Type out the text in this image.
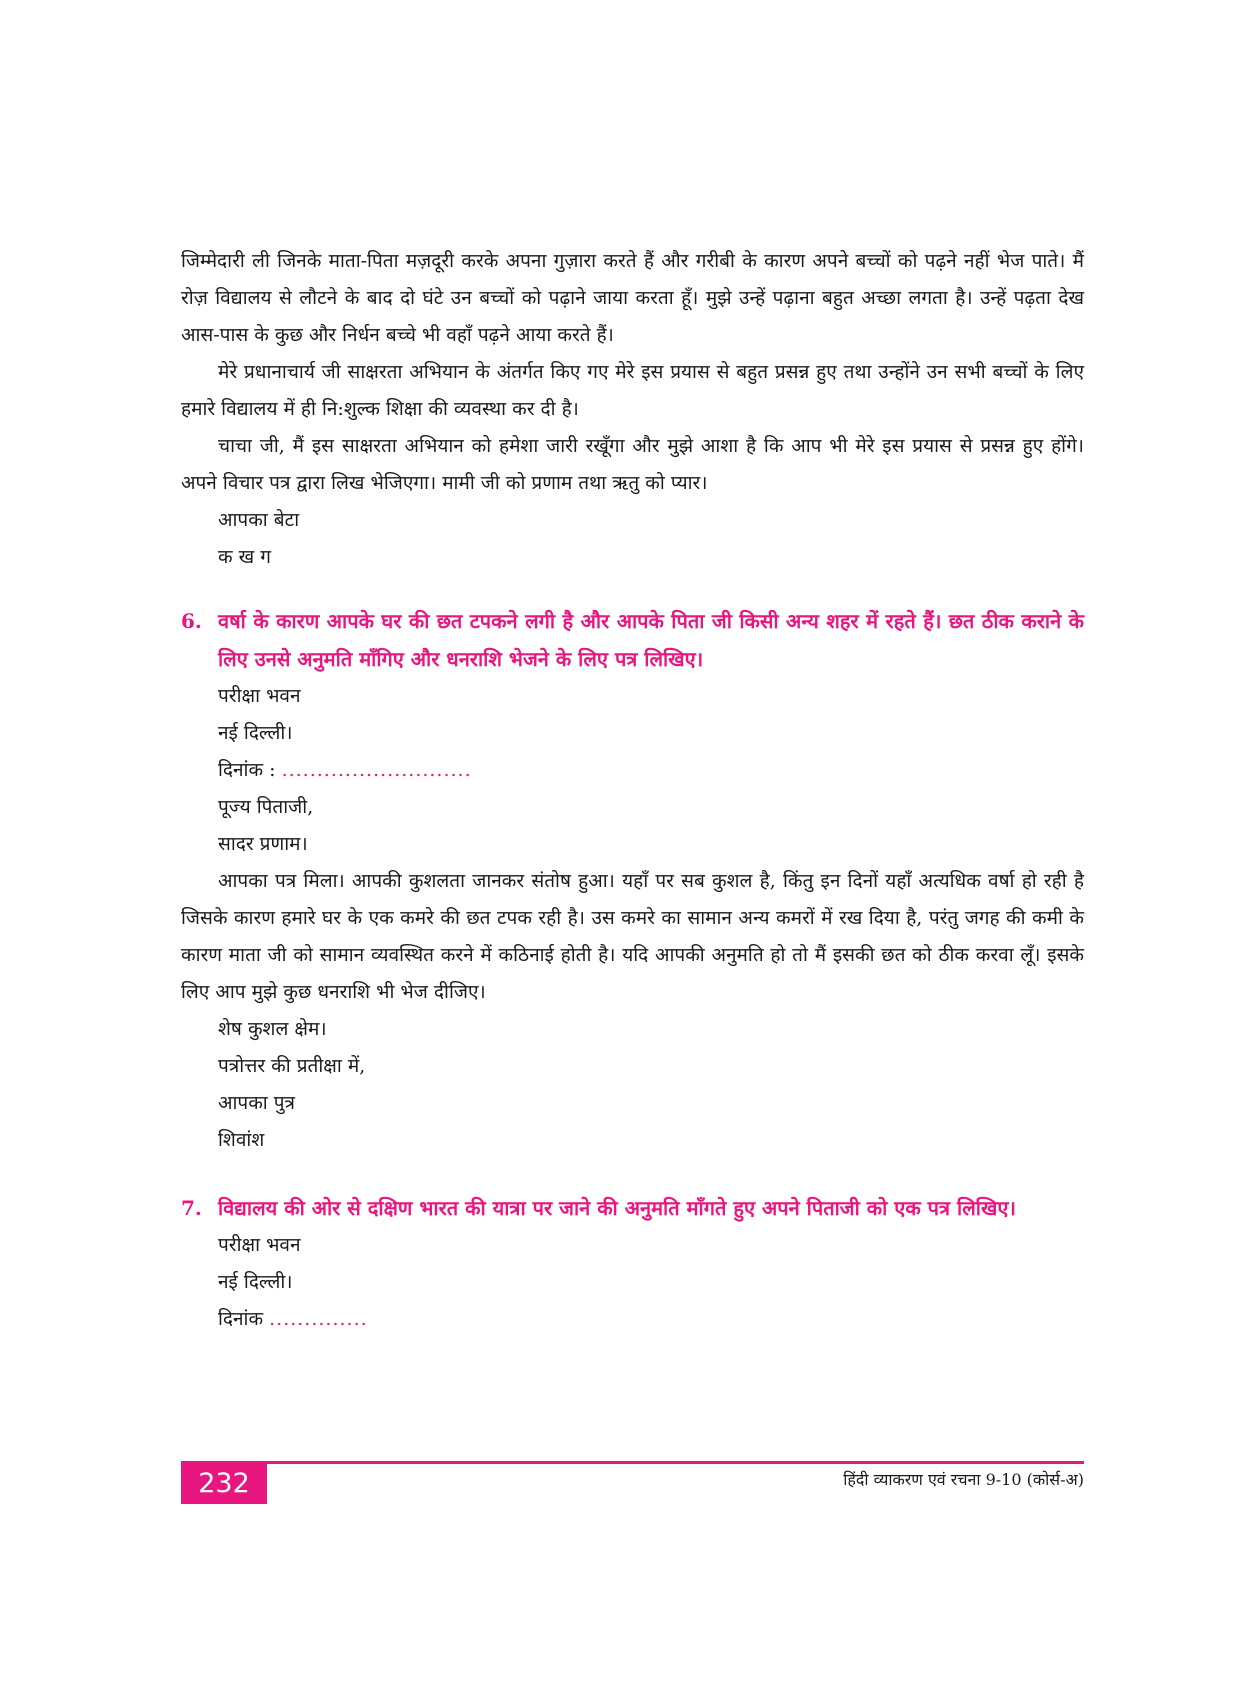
जिम्मेदारी ली जिनके माता-पिता मज़दूरी करके अपना गुज़ारा करते हैं और गरीबी के कारण अपने बच्चों को पढ़ने नहीं भेज पाते। मैं रोज़ विद्यालय से लौटने के बाद दो घंटे उन बच्चों को पढ़ाने जाया करता हूँ। मुझे उन्हें पढ़ाना बहुत अच्छा लगता है। उन्हें पढ़ता देख आस-पास के कुछ और निर्धन बच्चे भी वहाँ पढ़ने आया करते हैं।

मेरे प्रधानाचार्य जी साक्षरता अभियान के अंतर्गत किए गए मेरे इस प्रयास से बहुत प्रसन्न हुए तथा उन्होंने उन सभी बच्चों के लिए हमारे विद्यालय में ही नि:शुल्क शिक्षा की व्यवस्था कर दी है।

चाचा जी, मैं इस साक्षरता अभियान को हमेशा जारी रखूँगा और मुझे आशा है कि आप भी मेरे इस प्रयास से प्रसन्न हुए होंगे। अपने विचार पत्र द्वारा लिख भेजिएगा। मामी जी को प्रणाम तथा ऋतु को प्यार।

आपका बेटा

क ख ग

6. वर्षा के कारण आपके घर की छत टपकने लगी है और आपके पिता जी किसी अन्य शहर में रहते हैं। छत ठीक कराने के लिए उनसे अनुमति माँगिए और धनराशि भेजने के लिए पत्र लिखिए।

परीक्षा भवन

नई दिल्ली।

दिनांक : ...........................

पूज्य पिताजी,

सादर प्रणाम।

आपका पत्र मिला। आपकी कुशलता जानकर संतोष हुआ। यहाँ पर सब कुशल है, किंतु इन दिनों यहाँ अत्यधिक वर्षा हो रही है जिसके कारण हमारे घर के एक कमरे की छत टपक रही है। उस कमरे का सामान अन्य कमरों में रख दिया है, परंतु जगह की कमी के कारण माता जी को सामान व्यवस्थित करने में कठिनाई होती है। यदि आपकी अनुमति हो तो मैं इसकी छत को ठीक करवा लूँ। इसके लिए आप मुझे कुछ धनराशि भी भेज दीजिए।

शेष कुशल क्षेम।

पत्रोत्तर की प्रतीक्षा में,

आपका पुत्र

शिवांश

7. विद्यालय की ओर से दक्षिण भारत की यात्रा पर जाने की अनुमति माँगते हुए अपने पिताजी को एक पत्र लिखिए।

परीक्षा भवन

नई दिल्ली।

दिनांक ..............

232	हिंदी व्याकरण एवं रचना 9-10 (कोर्स-अ)
